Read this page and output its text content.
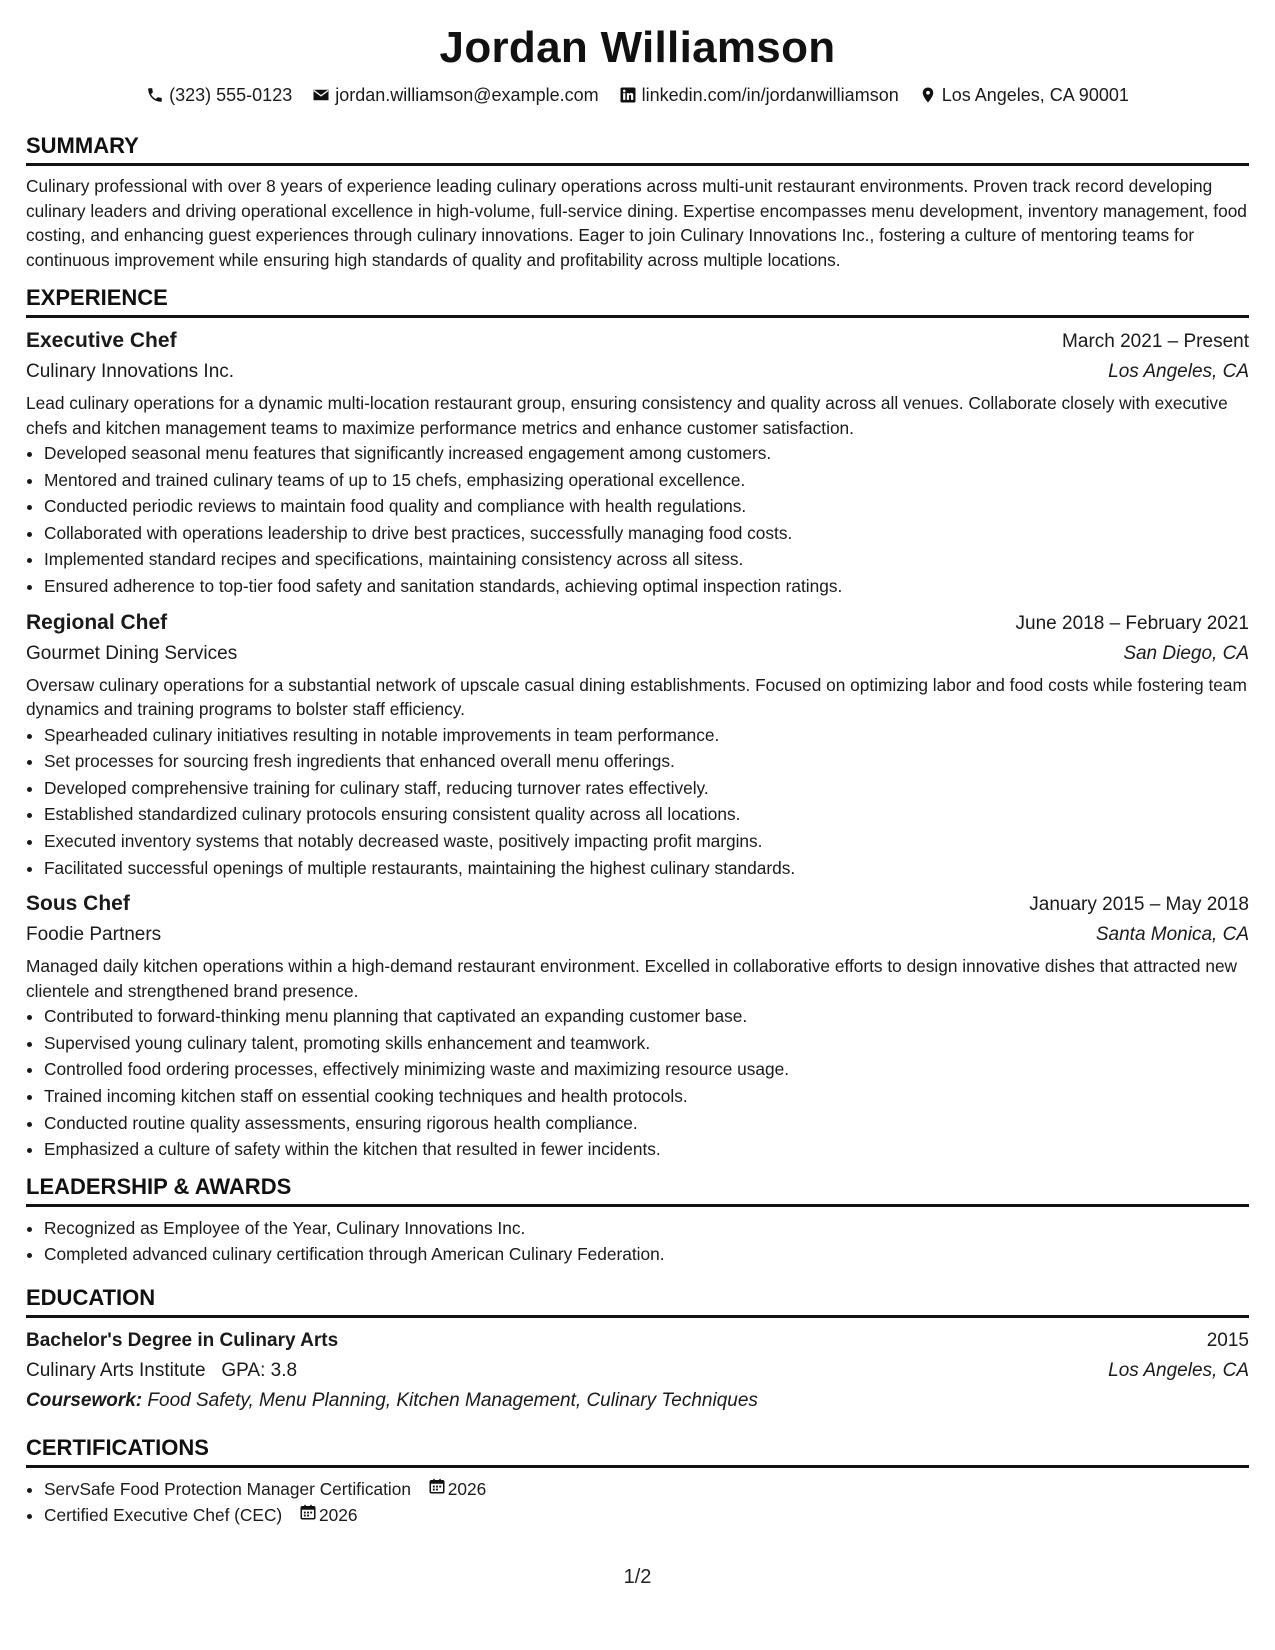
Jordan Williamson
(323) 555-0123 jordan.williamson@example.com linkedin.com/in/jordanwilliamson Los Angeles, CA 90001
SUMMARY

Culinary professional with over 8 years of experience leading culinary operations across multi-unit restaurant environments. Proven track record developing culinary leaders and driving operational excellence in high-volume, full-service dining. Expertise encompasses menu development, inventory management, food costing, and enhancing guest experiences through culinary innovations. Eager to join Culinary Innovations Inc., fostering a culture of mentoring teams for continuous improvement while ensuring high standards of quality and profitability across multiple locations.

EXPERIENCE
Executive Chef	March 2021 – Present
Culinary Innovations Inc.	Los Angeles, CA

Lead culinary operations for a dynamic multi-location restaurant group, ensuring consistency and quality across all venues. Collaborate closely with executive chefs and kitchen management teams to maximize performance metrics and enhance customer satisfaction.

• Developed seasonal menu features that significantly increased engagement among customers.
• Mentored and trained culinary teams of up to 15 chefs, emphasizing operational excellence.
• Conducted periodic reviews to maintain food quality and compliance with health regulations.
• Collaborated with operations leadership to drive best practices, successfully managing food costs.
• Implemented standard recipes and specifications, maintaining consistency across all sitess.
• Ensured adherence to top-tier food safety and sanitation standards, achieving optimal inspection ratings.
Regional Chef	June 2018 – February 2021
Gourmet Dining Services	San Diego, CA

Oversaw culinary operations for a substantial network of upscale casual dining establishments. Focused on optimizing labor and food costs while fostering team dynamics and training programs to bolster staff efficiency.

• Spearheaded culinary initiatives resulting in notable improvements in team performance.
• Set processes for sourcing fresh ingredients that enhanced overall menu offerings.
• Developed comprehensive training for culinary staff, reducing turnover rates effectively.
• Established standardized culinary protocols ensuring consistent quality across all locations.
• Executed inventory systems that notably decreased waste, positively impacting profit margins.
• Facilitated successful openings of multiple restaurants, maintaining the highest culinary standards.
Sous Chef	January 2015 – May 2018
Foodie Partners	Santa Monica, CA

Managed daily kitchen operations within a high-demand restaurant environment. Excelled in collaborative efforts to design innovative dishes that attracted new clientele and strengthened brand presence.

• Contributed to forward-thinking menu planning that captivated an expanding customer base.
• Supervised young culinary talent, promoting skills enhancement and teamwork.
• Controlled food ordering processes, effectively minimizing waste and maximizing resource usage.
• Trained incoming kitchen staff on essential cooking techniques and health protocols.
• Conducted routine quality assessments, ensuring rigorous health compliance.
• Emphasized a culture of safety within the kitchen that resulted in fewer incidents.
LEADERSHIP & AWARDS
• Recognized as Employee of the Year, Culinary Innovations Inc.
• Completed advanced culinary certification through American Culinary Federation.
EDUCATION
Bachelor's Degree in Culinary Arts	2015
Culinary Arts Institute GPA: 3.8	Los Angeles, CA
Coursework: Food Safety, Menu Planning, Kitchen Management, Culinary Techniques
CERTIFICATIONS
• ServSafe Food Protection Manager Certification 2026
• Certified Executive Chef (CEC) 2026
1/2
